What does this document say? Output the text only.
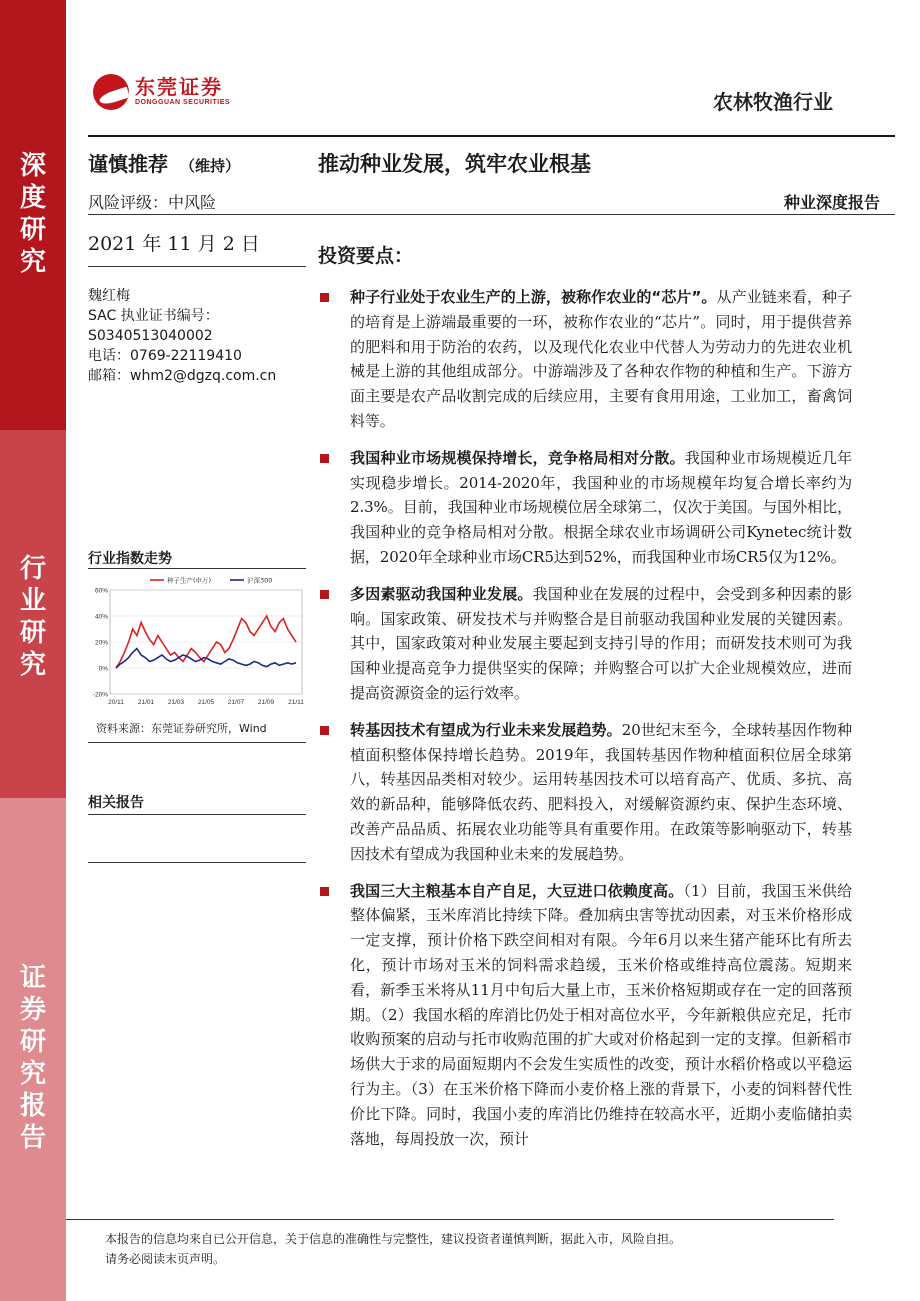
深
度
研
究
行
业
研
究
证
券
研
究
报
告
东莞证券
DONGGUAN SECURITIES	农林牧渔行业
谨慎推荐 （维持）	推动种业发展，筑牢农业根基
风险评级：中风险	种业深度报告
2021 年 11 月 2 日
投资要点：
魏红梅
SAC 执业证书编号：
S0340513040002
电话：0769-22119410
邮箱：whm2@dgzq.com.cn
行业指数走势
60%
40%
20%
0%
-20%
20/11 21/01 21/03 21/05 21/07 21/09 21/11
种子生产(申万)	沪深300
资料来源：东莞证券研究所，Wind
相关报告
种子行业处于农业生产的上游，被称作农业的“芯片”。从产业链来看，种子的培育是上游端最重要的一环，被称作农业的“芯片”。同时，用于提供营养的肥料和用于防治的农药，以及现代化农业中代替人为劳动力的先进农业机械是上游的其他组成部分。中游端涉及了各种农作物的种植和生产。下游方面主要是农产品收割完成的后续应用，主要有食用用途，工业加工，畜禽饲料等。
我国种业市场规模保持增长，竞争格局相对分散。我国种业市场规模近几年实现稳步增长。2014-2020年，我国种业的市场规模年均复合增长率约为2.3%。目前，我国种业市场规模位居全球第二，仅次于美国。与国外相比，我国种业的竞争格局相对分散。根据全球农业市场调研公司Kynetec统计数据，2020年全球种业市场CR5达到52%，而我国种业市场CR5仅为12%。
多因素驱动我国种业发展。我国种业在发展的过程中，会受到多种因素的影响。国家政策、研发技术与并购整合是目前驱动我国种业发展的关键因素。其中，国家政策对种业发展主要起到支持引导的作用；而研发技术则可为我国种业提高竞争力提供坚实的保障；并购整合可以扩大企业规模效应，进而提高资源资金的运行效率。
转基因技术有望成为行业未来发展趋势。20世纪末至今，全球转基因作物种植面积整体保持增长趋势。2019年，我国转基因作物种植面积位居全球第八，转基因品类相对较少。运用转基因技术可以培育高产、优质、多抗、高效的新品种，能够降低农药、肥料投入，对缓解资源约束、保护生态环境、改善产品品质、拓展农业功能等具有重要作用。在政策等影响驱动下，转基因技术有望成为我国种业未来的发展趋势。
我国三大主粮基本自产自足，大豆进口依赖度高。（1）目前，我国玉米供给整体偏紧，玉米库消比持续下降。叠加病虫害等扰动因素，对玉米价格形成一定支撑，预计价格下跌空间相对有限。今年6月以来生猪产能环比有所去化，预计市场对玉米的饲料需求趋缓，玉米价格或维持高位震荡。短期来看，新季玉米将从11月中旬后大量上市，玉米价格短期或存在一定的回落预期。（2）我国水稻的库消比仍处于相对高位水平，今年新粮供应充足，托市收购预案的启动与托市收购范围的扩大或对价格起到一定的支撑。但新稻市场供大于求的局面短期内不会发生实质性的改变，预计水稻价格或以平稳运行为主。（3）在玉米价格下降而小麦价格上涨的背景下，小麦的饲料替代性价比下降。同时，我国小麦的库消比仍维持在较高水平，近期小麦临储拍卖落地，每周投放一次，预计
本报告的信息均来自已公开信息，关于信息的准确性与完整性，建议投资者谨慎判断，据此入市，风险自担。
请务必阅读末页声明。
